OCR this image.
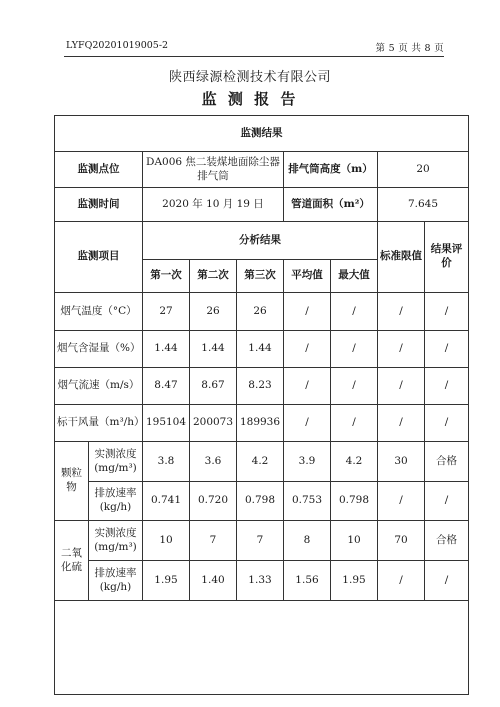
LYFQ20201019005-2	第 5 页 共 8 页
陕西绿源检测技术有限公司
监 测 报 告
监测结果								
监测点位		DA006 焦二装煤地面除尘器排气筒			排气筒高度（m）		20	
监测时间		2020 年 10 月 19 日			管道面积（m²）		7.645	
监测项目		分析结果					标准限值	结果评价
		第一次	第二次	第三次	平均值	最大值		
烟气温度（°C）		27	26	26	/	/	/	/
烟气含湿量（%）		1.44	1.44	1.44	/	/	/	/
烟气流速（m/s）		8.47	8.67	8.23	/	/	/	/
标干风量（m³/h）		195104	200073	189936	/	/	/	/
颗粒物	实测浓度(mg/m³)	3.8	3.6	4.2	3.9	4.2	30	合格
	排放速率(kg/h)	0.741	0.720	0.798	0.753	0.798	/	/
二氧化硫	实测浓度(mg/m³)	10	7	7	8	10	70	合格
	排放速率(kg/h)	1.95	1.40	1.33	1.56	1.95	/	/
